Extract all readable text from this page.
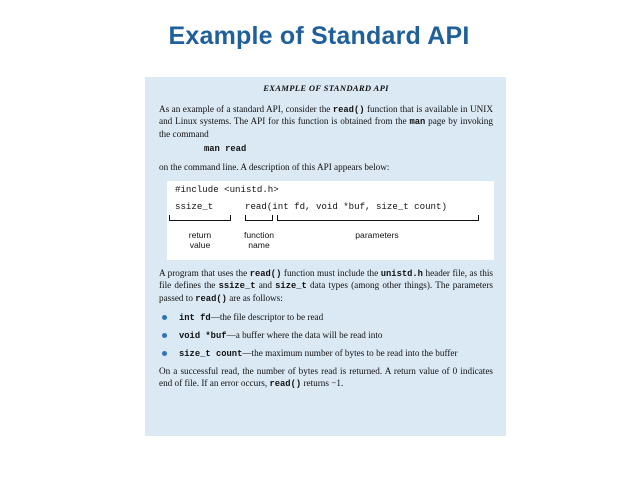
Example of Standard API
EXAMPLE OF STANDARD API

As an example of a standard API, consider the read() function that is available in UNIX and Linux systems. The API for this function is obtained from the man page by invoking the command

man read

on the command line. A description of this API appears below:

#include <unistd.h>
ssize_t	read(int fd, void *buf, size_t count)
return
value
function
name
parameters

A program that uses the read() function must include the unistd.h header file, as this file defines the ssize_t and size_t data types (among other things). The parameters passed to read() are as follows:

int fd—the file descriptor to be read
void *buf—a buffer where the data will be read into
size_t count—the maximum number of bytes to be read into the buffer

On a successful read, the number of bytes read is returned. A return value of 0 indicates end of file. If an error occurs, read() returns −1.
